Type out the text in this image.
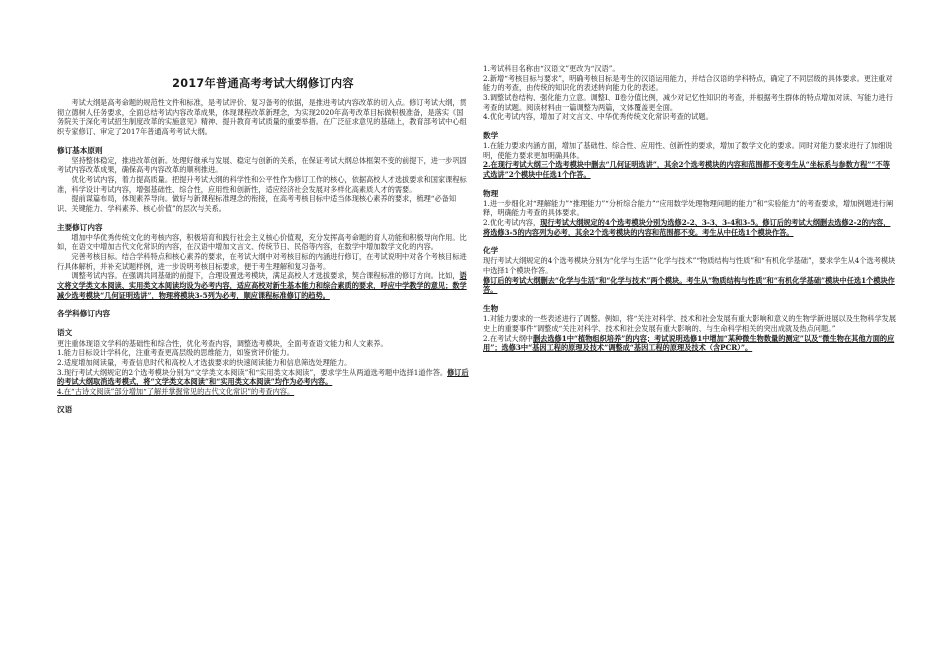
2017年普通高考考试大纲修订内容

考试大纲是高考命题的规范性文件和标准，是考试评价、复习备考的依据，是推进考试内容改革的切入点。修订考试大纲，贯彻立德树人任务要求，全面总结考试内容改革成果，体现课程改革新理念，为实现2020年高考改革目标做积极准备，是落实《国务院关于深化考试招生制度改革的实施意见》精神、提升教育考试质量的重要举措。在广泛征求意见的基础上，教育部考试中心组织专家修订、审定了2017年普通高考考试大纲。

修订基本原则

坚持整体稳定，推进改革创新。处理好继承与发展、稳定与创新的关系，在保证考试大纲总体框架不变的前提下，进一步巩固考试内容改革成果，确保高考内容改革的顺利推进。

优化考试内容，着力提高质量。把提升考试大纲的科学性和公平性作为修订工作的核心，依据高校人才选拔要求和国家课程标准，科学设计考试内容，增强基础性、综合性，应用性和创新性，适应经济社会发展对多样化高素质人才的需要。

提前谋篇布局，体现素养导向。做好与新课程标准理念的衔接，在高考考核目标中适当体现核心素养的要求，梳理“必备知识、关键能力、学科素养、核心价值”的层次与关系。

主要修订内容

增加中华优秀传统文化的考核内容，积极培育和践行社会主义核心价值观，充分发挥高考命题的育人功能和积极导向作用。比如，在语文中增加古代文化常识的内容，在汉语中增加文言文、传统节日、民俗等内容，在数学中增加数学文化的内容。

完善考核目标。结合学科特点和核心素养的要求，在考试大纲中对考核目标的内涵进行修订，在考试说明中对各个考核目标进行具体解析，并补充试题样例，进一步说明考核目标要求，便于考生理解和复习备考。

调整考试内容。在强调共同基础的前提下，合理设置选考模块，满足高校人才选拔要求，契合课程标准的修订方向。比如，语文将文学类文本阅读、实用类文本阅读均设为必考内容，适应高校对新生基本能力和综合素质的要求，呼应中学教学的意见；数学减少选考模块“几何证明选讲”，物理将模块3-5列为必考，顺应课程标准修订的趋势。

各学科修订内容
语文

更注重体现语文学科的基础性和综合性，优化考查内容，调整选考模块，全面考查语文能力和人文素养。

1.能力目标设计学科化，注重考查更高层级的思维能力，如鉴赏评价能力。

2.适度增加阅读量，考查信息时代和高校人才选拔要求的快速阅读能力和信息筛选处理能力。

3.现行考试大纲规定的2个选考模块分别为“文学类文本阅读”和“实用类文本阅读”，要求学生从两道选考题中选择1道作答。修订后的考试大纲取消选考模式，将“文学类文本阅读”和“实用类文本阅读”均作为必考内容。

4.在“古诗文阅读”部分增加“了解并掌握常见的古代文化常识”的考查内容。

汉语

1.考试科目名称由“汉语文”更改为“汉语”。

2.新增“考核目标与要求”，明确考核目标是考生的汉语运用能力，并结合汉语的学科特点，确定了不同层级的具体要求。更注重对能力的考查，由传统的知识化的表述转向能力化的表述。

3.调整试卷结构、强化能力立意。调整Ⅰ、Ⅱ卷分值比例，减少对记忆性知识的考查，并根据考生群体的特点增加对读、写能力进行考查的试题。阅读材料由一篇调整为两篇，文体覆盖更全面。

4.优化考试内容，增加了对文言文、中华优秀传统文化常识考查的试题。

数学

1.在能力要求内涵方面，增加了基础性、综合性、应用性、创新性的要求，增加了数学文化的要求。同时对能力要求进行了加细说明，使能力要求更加明确具体。

2.在现行考试大纲三个选考模块中删去“几何证明选讲”，其余2个选考模块的内容和范围都不变考生从“坐标系与参数方程”“不等式选讲”2个模块中任选1个作答。

物理

1.进一步细化对“理解能力”“推理能力”“分析综合能力”“应用数学处理物理问题的能力”和“实验能力”的考查要求，增加例题进行阐释，明确能力考查的具体要求。

2.优化考试内容，现行考试大纲规定的4个选考模块分别为选修2-2、3-3、3-4和3-5。修订后的考试大纲删去选修2-2的内容，将选修3-5的内容列为必考，其余2个选考模块的内容和范围都不变。考生从中任选1个模块作答。

化学

现行考试大纲规定的4个选考模块分别为“化学与生活”“化学与技术”“物质结构与性质”和“有机化学基础”，要求学生从4个选考模块中选择1个模块作答。

修订后的考试大纲删去“化学与生活”和“化学与技术”两个模块。考生从“物质结构与性质”和“有机化学基础”模块中任选1个模块作答。

生物

1.对能力要求的一些表述进行了调整。例如，将“关注对科学、技术和社会发展有重大影响和意义的生物学新进展以及生物科学发展史上的重要事件”调整成“关注对科学、技术和社会发展有重大影响的、与生命科学相关的突出成就及热点问题。”

2.在考试大纲中删去选修1中“植物组织培养”的内容；考试说明选修1中增加“某种微生物数量的测定”以及“微生物在其他方面的应用”；选修3中“基因工程的原理及技术”调整成“基因工程的原理及技术（含PCR）”。
